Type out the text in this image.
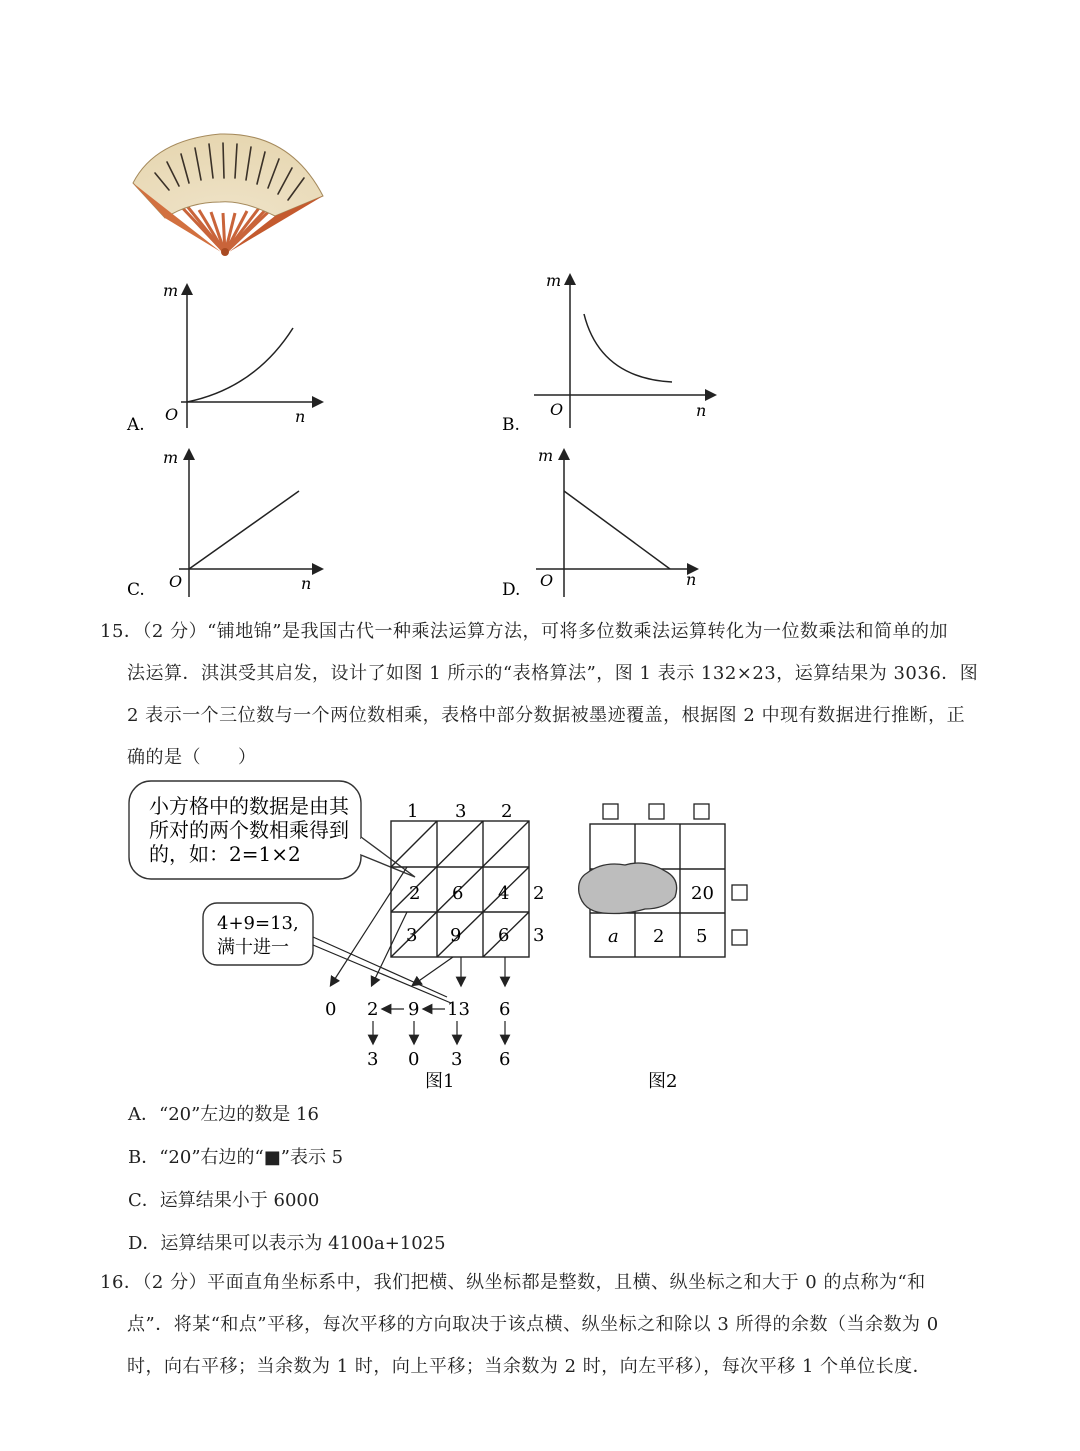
m
n
O
A.
m
n
O
B.
m
n
O
C.
m
n
O
D.
15．（2 分）“铺地锦”是我国古代一种乘法运算方法，可将多位数乘法运算转化为一位数乘法和简单的加
法运算．淇淇受其启发，设计了如图 1 所示的“表格算法”，图 1 表示 132×23，运算结果为 3036．图
2 表示一个三位数与一个两位数相乘，表格中部分数据被墨迹覆盖，根据图 2 中现有数据进行推断，正
确的是（　　）
小方格中的数据是由其
所对的两个数相乘得到
的，如：2=1×2
1 3 2
2
3
2 6 4
3 9 6
4+9=13,
满十进一
0 2 9 13 6
3 0 3 6
图1
20
a 2 5
图2
A．“20”左边的数是 16
B．“20”右边的“■”表示 5
C．运算结果小于 6000
D．运算结果可以表示为 4100a+1025
16．（2 分）平面直角坐标系中，我们把横、纵坐标都是整数，且横、纵坐标之和大于 0 的点称为“和
点”．将某“和点”平移，每次平移的方向取决于该点横、纵坐标之和除以 3 所得的余数（当余数为 0
时，向右平移；当余数为 1 时，向上平移；当余数为 2 时，向左平移），每次平移 1 个单位长度．
